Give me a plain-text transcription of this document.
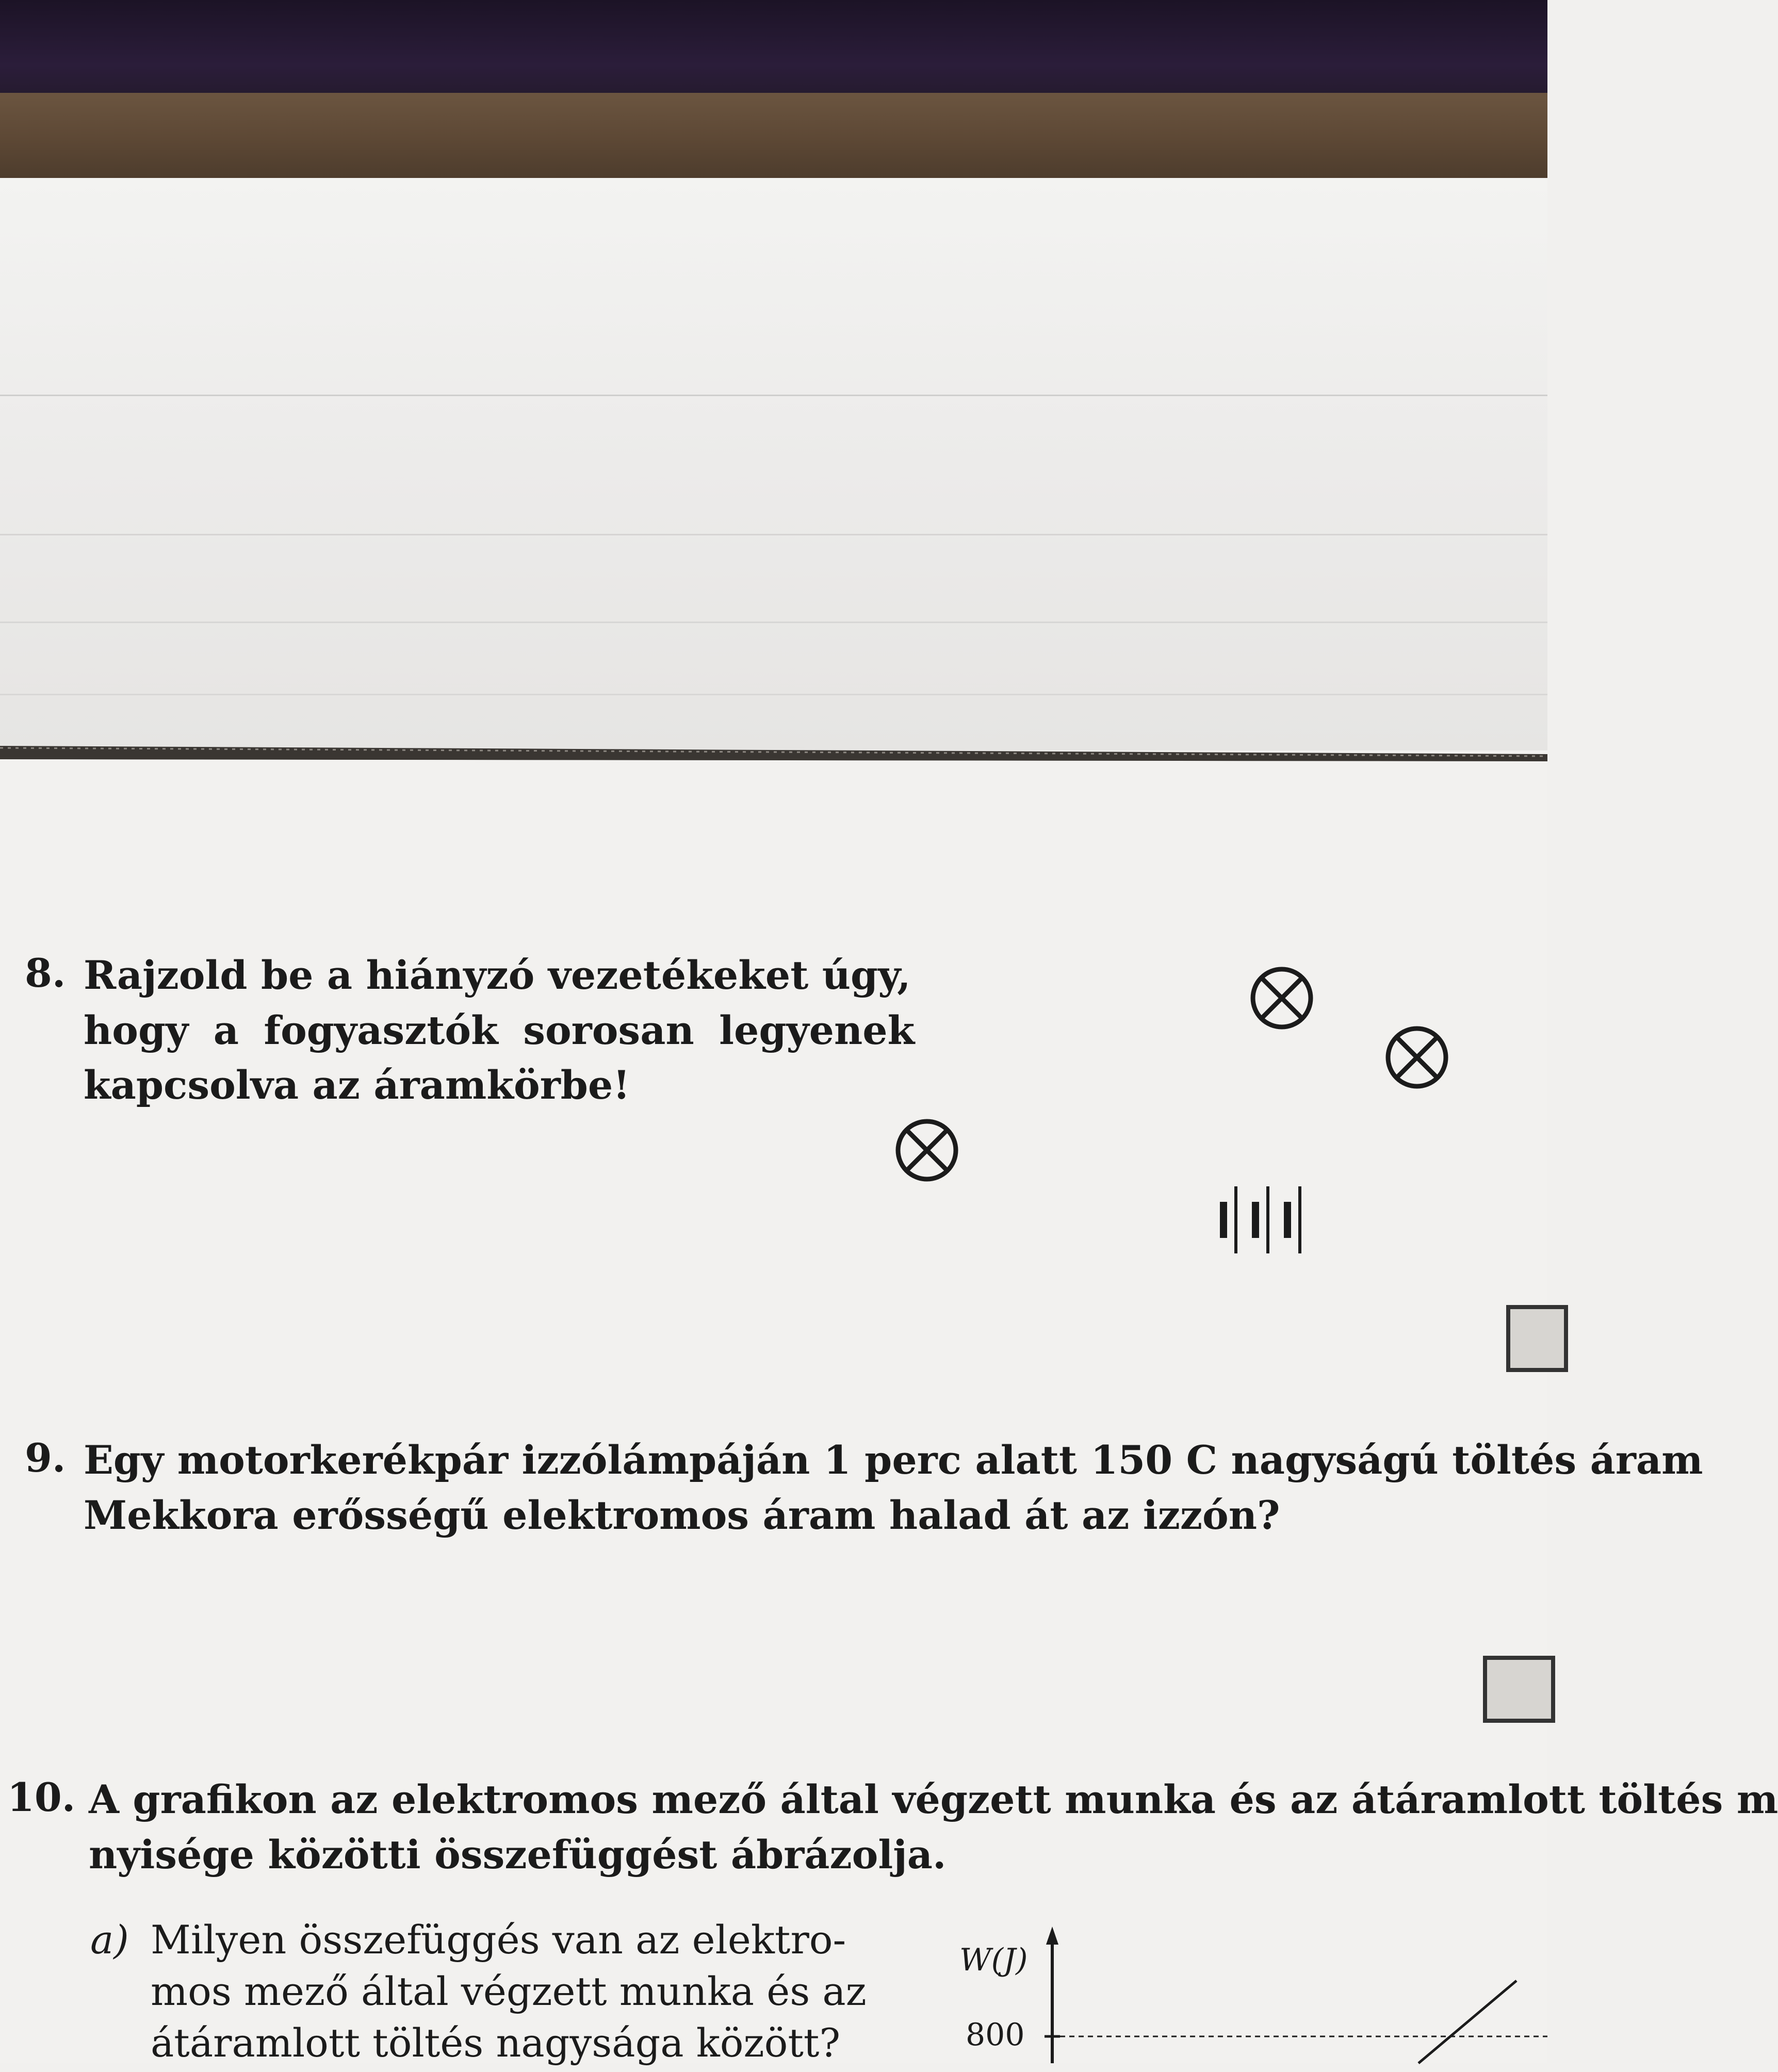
8. Rajzold be a hiányzó vezetékeket úgy,
hogy a fogyasztók sorosan legyenek
kapcsolva az áramkörbe!
9. Egy motorkerékpár izzólámpáján 1 perc alatt 150 C nagyságú töltés áram
Mekkora erősségű elektromos áram halad át az izzón?
10. A grafikon az elektromos mező által végzett munka és az átáramlott töltés m
nyisége közötti összefüggést ábrázolja.
a) Milyen összefüggés van az elektro-
mos mező által végzett munka és az
átáramlott töltés nagysága között?
W(J)
800
